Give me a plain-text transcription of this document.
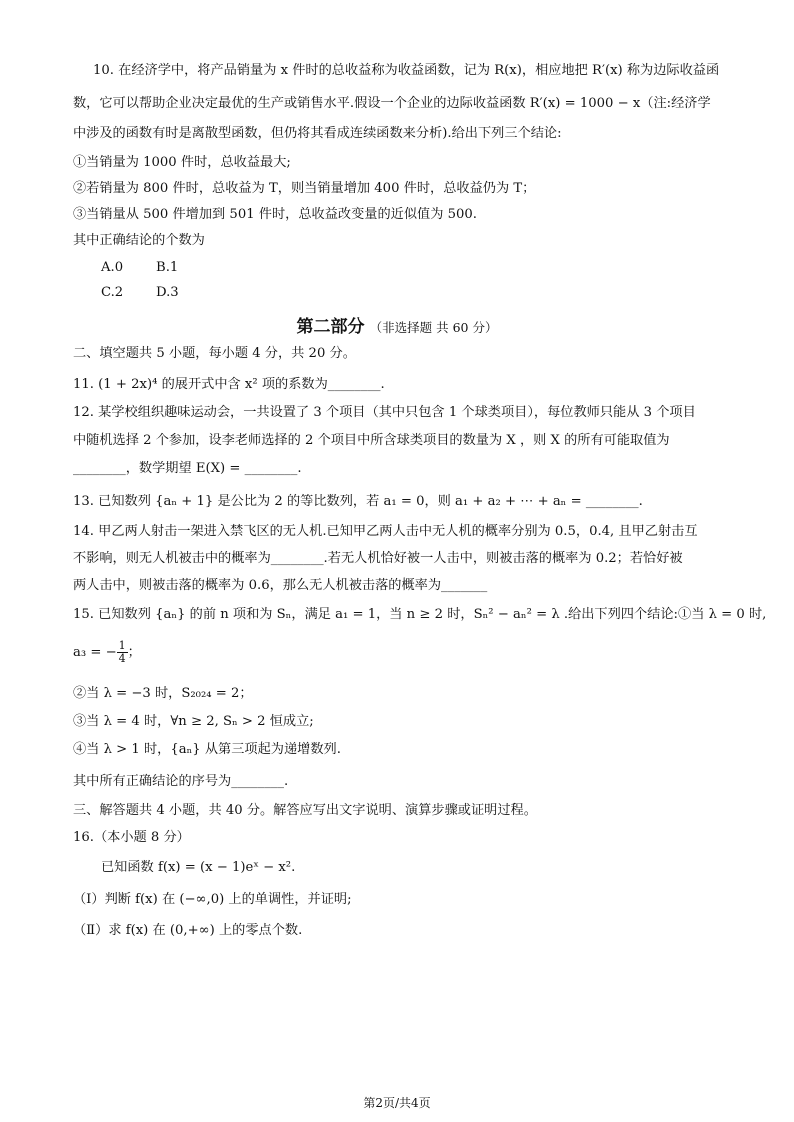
10. 在经济学中，将产品销量为 x 件时的总收益称为收益函数，记为 R(x)，相应地把 R′(x) 称为边际收益函
数，它可以帮助企业决定最优的生产或销售水平.假设一个企业的边际收益函数 R′(x) = 1000 − x（注:经济学
中涉及的函数有时是离散型函数，但仍将其看成连续函数来分析).给出下列三个结论:
①当销量为 1000 件时，总收益最大;
②若销量为 800 件时，总收益为 T，则当销量增加 400 件时，总收益仍为 T；
③当销量从 500 件增加到 501 件时，总收益改变量的近似值为 500.
其中正确结论的个数为
A.0 B.1
C.2 D.3
第二部分 （非选择题 共 60 分）
二、填空题共 5 小题，每小题 4 分，共 20 分。
11. (1 + 2x)⁴ 的展开式中含 x² 项的系数为________.
12. 某学校组织趣味运动会，一共设置了 3 个项目（其中只包含 1 个球类项目），每位教师只能从 3 个项目
中随机选择 2 个参加，设李老师选择的 2 个项目中所含球类项目的数量为 X ，则 X 的所有可能取值为
________，数学期望 E(X) = ________.
13. 已知数列 {aₙ + 1} 是公比为 2 的等比数列，若 a₁ = 0，则 a₁ + a₂ + ⋯ + aₙ = ________.
14. 甲乙两人射击一架进入禁飞区的无人机.已知甲乙两人击中无人机的概率分别为 0.5，0.4, 且甲乙射击互
不影响，则无人机被击中的概率为________.若无人机恰好被一人击中，则被击落的概率为 0.2；若恰好被
两人击中，则被击落的概率为 0.6，那么无人机被击落的概率为_______
15. 已知数列 {aₙ} 的前 n 项和为 Sₙ，满足 a₁ = 1，当 n ≥ 2 时，Sₙ² − aₙ² = λ .给出下列四个结论:①当 λ = 0 时,
a₃ = − $\frac{1}{4}$ ；
②当 λ = −3 时，S₂₀₂₄ = 2；
③当 λ = 4 时，∀n ≥ 2, Sₙ > 2 恒成立;
④当 λ > 1 时，{aₙ} 从第三项起为递增数列.
其中所有正确结论的序号为________.
三、解答题共 4 小题，共 40 分。解答应写出文字说明、演算步骤或证明过程。
16.（本小题 8 分）
已知函数 f(x) = (x − 1)eˣ − x².
（Ⅰ）判断 f(x) 在 (−∞,0) 上的单调性，并证明;
（Ⅱ）求 f(x) 在 (0,+∞) 上的零点个数.
第2页/共4页
